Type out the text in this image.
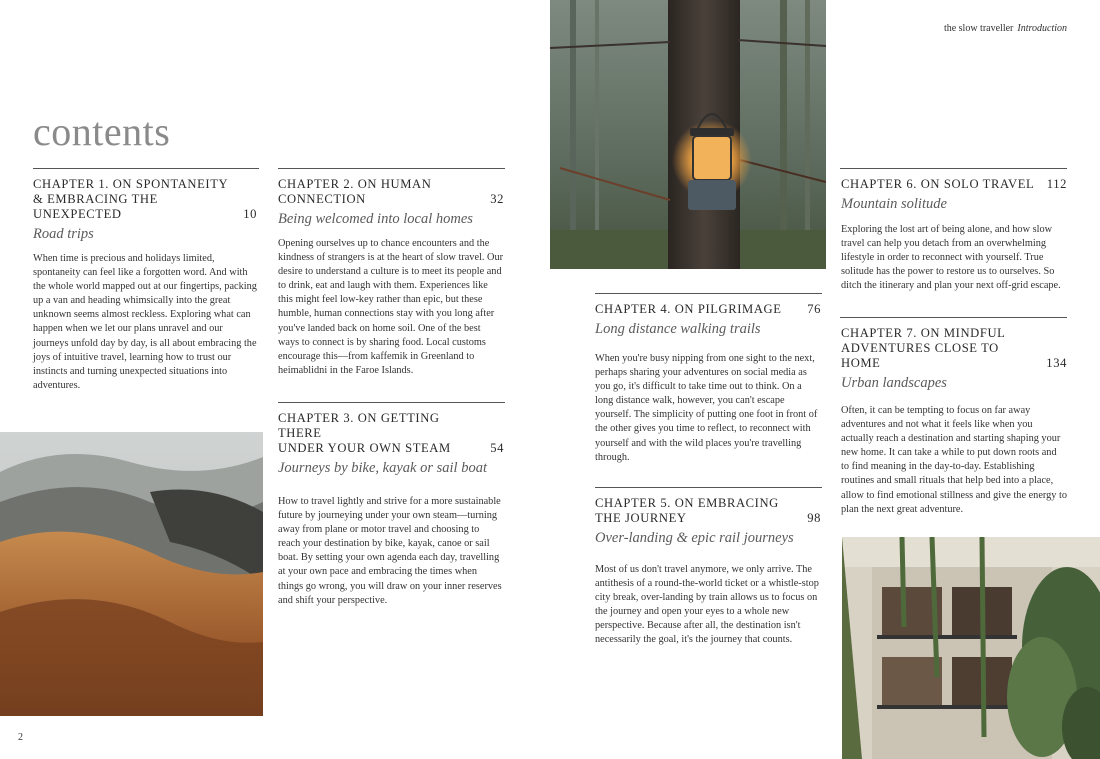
the slow traveller Introduction
contents
CHAPTER 1. ON SPONTANEITY
& EMBRACING THE UNEXPECTED	10
Road trips
When time is precious and holidays limited, spontaneity can feel like a forgotten word. And with the whole world mapped out at our fingertips, packing up a van and heading whimsically into the great unknown seems almost reckless. Exploring what can happen when we let our plans unravel and our journeys unfold day by day, is all about embracing the joys of intuitive travel, learning how to trust our instincts and turning unexpected situations into adventures.
CHAPTER 2. ON HUMAN
CONNECTION	32
Being welcomed into local homes
Opening ourselves up to chance encounters and the kindness of strangers is at the heart of slow travel. Our desire to understand a culture is to meet its people and to drink, eat and laugh with them. Experiences like this might feel low-key rather than epic, but these humble, human connections stay with you long after you've landed back on home soil. One of the best ways to connect is by sharing food. Local customs encourage this—from kaffemik in Greenland to heimablidni in the Faroe Islands.
CHAPTER 3. ON GETTING THERE
UNDER YOUR OWN STEAM	54
Journeys by bike, kayak or sail boat
How to travel lightly and strive for a more sustainable future by journeying under your own steam—turning away from plane or motor travel and choosing to reach your destination by bike, kayak, canoe or sail boat. By setting your own agenda each day, travelling at your own pace and embracing the times when things go wrong, you will draw on your inner reserves and shift your perspective.
CHAPTER 4. ON PILGRIMAGE 76
Long distance walking trails
When you're busy nipping from one sight to the next, perhaps sharing your adventures on social media as you go, it's difficult to take time out to think. On a long distance walk, however, you can't escape yourself. The simplicity of putting one foot in front of the other gives you time to reflect, to reconnect with yourself and with the wild places you're travelling through.
CHAPTER 5. ON EMBRACING
THE JOURNEY	98
Over-landing & epic rail journeys
Most of us don't travel anymore, we only arrive. The antithesis of a round-the-world ticket or a whistle-stop city break, over-landing by train allows us to focus on the journey and open your eyes to a whole new perspective. Because after all, the destination isn't necessarily the goal, it's the journey that counts.
CHAPTER 6. ON SOLO TRAVEL 112
Mountain solitude
Exploring the lost art of being alone, and how slow travel can help you detach from an overwhelming lifestyle in order to reconnect with yourself. True solitude has the power to restore us to ourselves. So ditch the itinerary and plan your next off-grid escape.
CHAPTER 7. ON MINDFUL
ADVENTURES CLOSE TO HOME	134
Urban landscapes
Often, it can be tempting to focus on far away adventures and not what it feels like when you actually reach a destination and starting shaping your new home. It can take a while to put down roots and to find meaning in the day-to-day. Establishing routines and small rituals that help bed into a place, allow to find emotional stillness and give the energy to plan the next great adventure.
2
